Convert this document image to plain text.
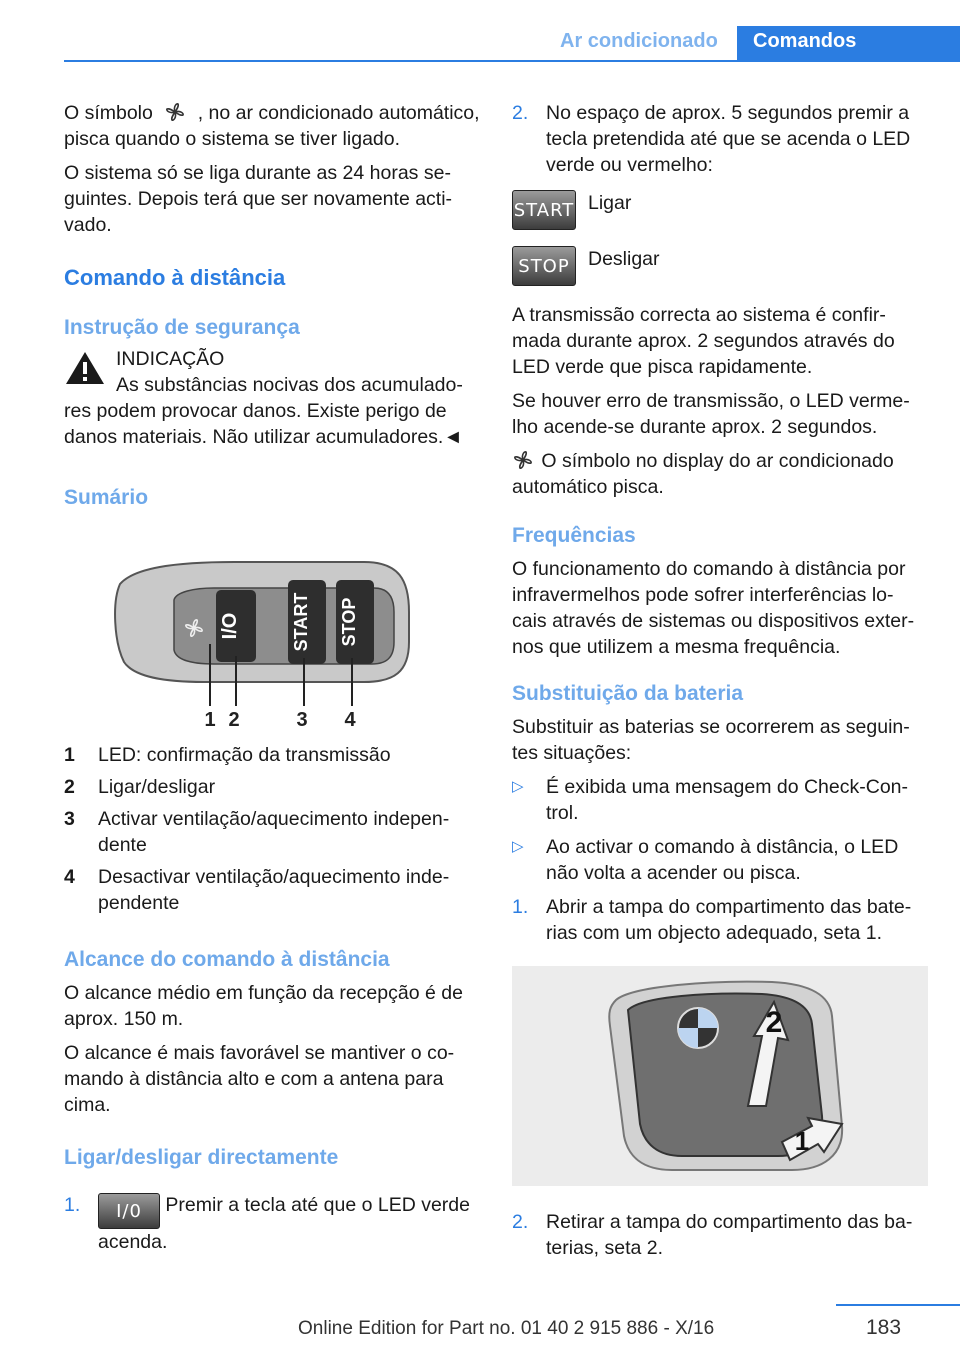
Ar condicionado	Comandos

O símbolo , no ar condicionado automático, pisca quando o sistema se tiver ligado.

O sistema só se liga durante as 24 horas se- guintes. Depois terá que ser novamente acti- vado.

Comando à distância
Instrução de segurança
INDICAÇÃO
As substâncias nocivas dos acumulado-
res podem provocar danos. Existe perigo de danos materiais. Não utilizar acumuladores.◄
Sumário
I/O	START STOP
1 2	3 4
1	LED: confirmação da transmissão
2	Ligar/desligar
3	Activar ventilação/aquecimento indepen- dente
4	Desactivar ventilação/aquecimento inde- pendente
Alcance do comando à distância

O alcance médio em função da recepção é de aprox. 150 m.

O alcance é mais favorável se mantiver o co- mando à distância alto e com a antena para cima.

Ligar/desligar directamente
1.	I/0 Premir a tecla até que o LED verde acenda.
2. No espaço de aprox. 5 segundos premir a tecla pretendida até que se acenda o LED verde ou vermelho:
START Ligar
STOP Desligar

A transmissão correcta ao sistema é confir- mada durante aprox. 2 segundos através do LED verde que pisca rapidamente.

Se houver erro de transmissão, o LED verme- lho acende-se durante aprox. 2 segundos.

O símbolo no display do ar condicionado automático pisca.

Frequências

O funcionamento do comando à distância por infravermelhos pode sofrer interferências lo- cais através de sistemas ou dispositivos exter- nos que utilizem a mesma frequência.

Substituição da bateria

Substituir as baterias se ocorrerem as seguin- tes situações:

▷	É exibida uma mensagem do Check-Con- trol.
▷	Ao activar o comando à distância, o LED não volta a acender ou pisca.
1. Abrir a tampa do compartimento das bate- rias com um objecto adequado, seta 1.
2
1
2. Retirar a tampa do compartimento das ba- terias, seta 2.
183
Online Edition for Part no. 01 40 2 915 886 - X/16
